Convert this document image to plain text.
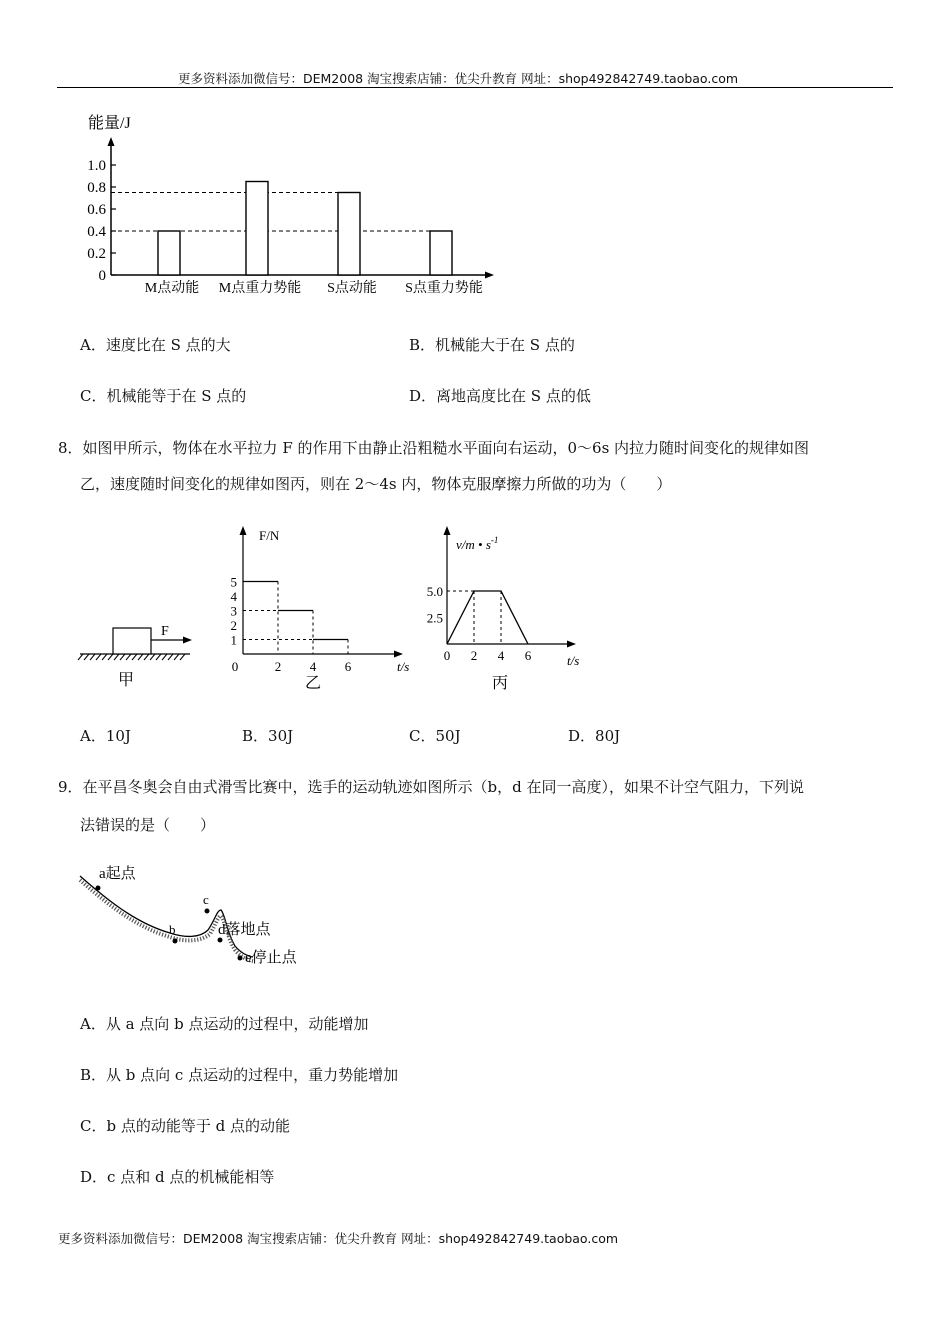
更多资料添加微信号：DEM2008 淘宝搜索店铺：优尖升教育 网址：shop492842749.taobao.com
能量/J
0
0.2
0.4
0.6
0.8
1.0
M点动能 M点重力势能 S点动能 S点重力势能
A．速度比在 S 点的大	B．机械能大于在 S 点的
C．机械能等于在 S 点的	D．离地高度比在 S 点的低
8．如图甲所示，物体在水平拉力 F 的作用下由静止沿粗糙水平面向右运动，0～6s 内拉力随时间变化的规律如图
乙，速度随时间变化的规律如图丙，则在 2～4s 内，物体克服摩擦力所做的功为（　　）
F
甲
F/N
t/s
0	2 4 6
1
2
3
4
5
乙
v/m • $s^{-1}$
t/s
0 2 4 6
2.5
5.0
丙
A．10J	B．30J	C．50J	D．80J
9．在平昌冬奥会自由式滑雪比赛中，选手的运动轨迹如图所示（b，d 在同一高度），如果不计空气阻力，下列说
法错误的是（　　）
a起点
b
c
d落地点
e停止点
A．从 a 点向 b 点运动的过程中，动能增加
B．从 b 点向 c 点运动的过程中，重力势能增加
C．b 点的动能等于 d 点的动能
D．c 点和 d 点的机械能相等
更多资料添加微信号：DEM2008 淘宝搜索店铺：优尖升教育 网址：shop492842749.taobao.com
